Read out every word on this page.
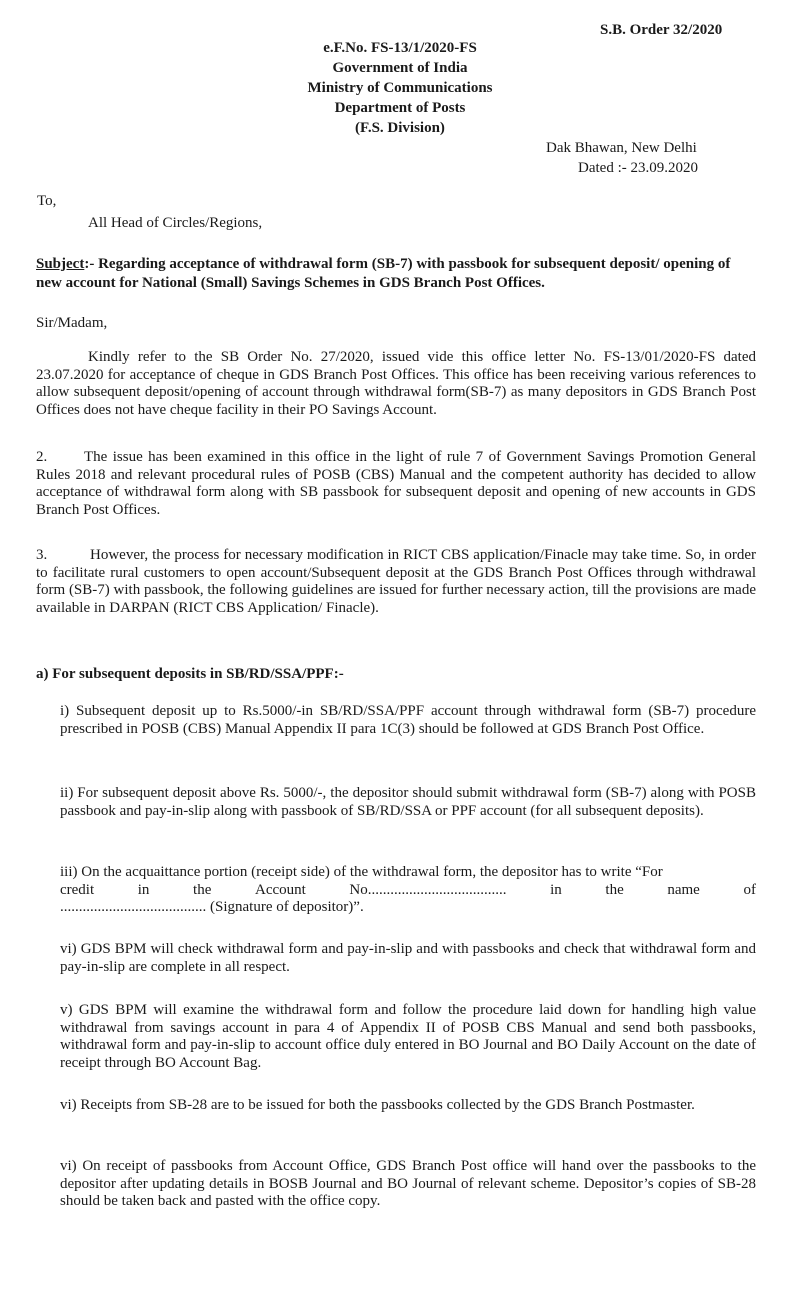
S.B. Order 32/2020
e.F.No. FS-13/1/2020-FS
Government of India
Ministry of Communications
Department of Posts
(F.S. Division)
Dak Bhawan, New Delhi
Dated :- 23.09.2020
To,
All Head of Circles/Regions,
Subject:- Regarding acceptance of withdrawal form (SB-7) with passbook for subsequent deposit/ opening of new account for National (Small) Savings Schemes in GDS Branch Post Offices.
Sir/Madam,
Kindly refer to the SB Order No. 27/2020, issued vide this office letter No. FS-13/01/2020-FS dated 23.07.2020 for acceptance of cheque in GDS Branch Post Offices. This office has been receiving various references to allow subsequent deposit/opening of account through withdrawal form(SB-7) as many depositors in GDS Branch Post Offices does not have cheque facility in their PO Savings Account.
2. The issue has been examined in this office in the light of rule 7 of Government Savings Promotion General Rules 2018 and relevant procedural rules of POSB (CBS) Manual and the competent authority has decided to allow acceptance of withdrawal form along with SB passbook for subsequent deposit and opening of new accounts in GDS Branch Post Offices.
3.	However, the process for necessary modification in RICT CBS application/Finacle may take time. So, in order to facilitate rural customers to open account/Subsequent deposit at the GDS Branch Post Offices through withdrawal form (SB-7) with passbook, the following guidelines are issued for further necessary action, till the provisions are made available in DARPAN (RICT CBS Application/ Finacle).
a) For subsequent deposits in SB/RD/SSA/PPF:-
i) Subsequent deposit up to Rs.5000/-in SB/RD/SSA/PPF account through withdrawal form (SB-7) procedure prescribed in POSB (CBS) Manual Appendix II para 1C(3) should be followed at GDS Branch Post Office.
ii) For subsequent deposit above Rs. 5000/-, the depositor should submit withdrawal form (SB-7) along with POSB passbook and pay-in-slip along with passbook of SB/RD/SSA or PPF account (for all subsequent deposits).
iii) On the acquaittance portion (receipt side) of the withdrawal form, the depositor has to write “For
credit	in	the	Account	No.....................................	in	the	name	of
....................................... (Signature of depositor)”.
vi) GDS BPM will check withdrawal form and pay-in-slip and with passbooks and check that withdrawal form and pay-in-slip are complete in all respect.
v) GDS BPM will examine the withdrawal form and follow the procedure laid down for handling high value withdrawal from savings account in para 4 of Appendix II of POSB CBS Manual and send both passbooks, withdrawal form and pay-in-slip to account office duly entered in BO Journal and BO Daily Account on the date of receipt through BO Account Bag.
vi) Receipts from SB-28 are to be issued for both the passbooks collected by the GDS Branch Postmaster.
vi) On receipt of passbooks from Account Office, GDS Branch Post office will hand over the passbooks to the depositor after updating details in BOSB Journal and BO Journal of relevant scheme. Depositor’s copies of SB-28 should be taken back and pasted with the office copy.
